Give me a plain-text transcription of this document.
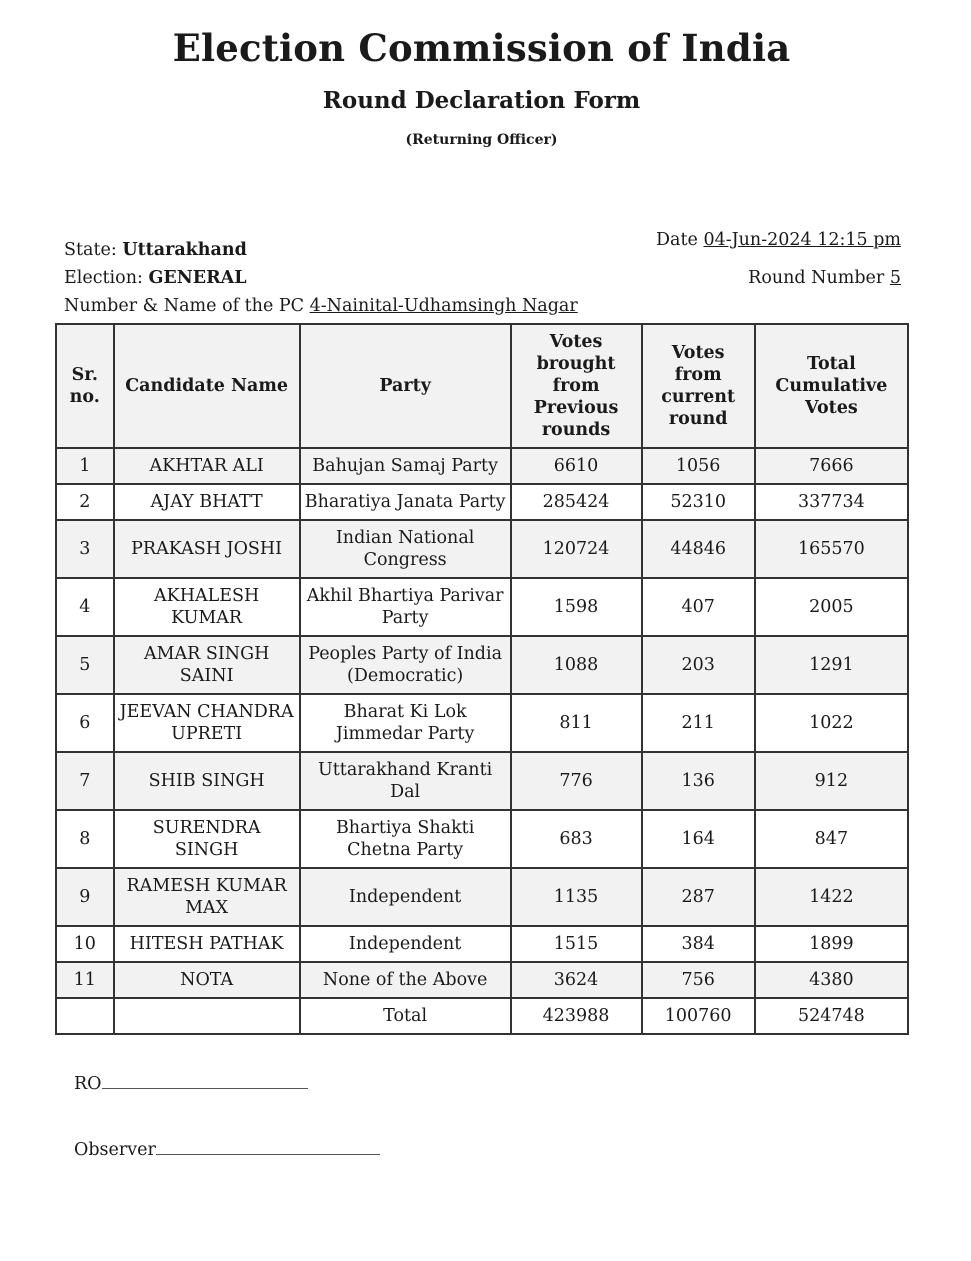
Election Commission of India
Round Declaration Form
(Returning Officer)
State: Uttarakhand
Election: GENERAL
Number & Name of the PC 4-Nainital-Udhamsingh Nagar
Date 04-Jun-2024 12:15 pm
Round Number 5
Sr. no.	Candidate Name	Party	Votes brought from Previous rounds	Votes from current round	Total Cumulative Votes
1	AKHTAR ALI	Bahujan Samaj Party	6610	1056	7666
2	AJAY BHATT	Bharatiya Janata Party	285424	52310	337734
3	PRAKASH JOSHI	Indian National Congress	120724	44846	165570
4	AKHALESH KUMAR	Akhil Bhartiya Parivar Party	1598	407	2005
5	AMAR SINGH SAINI	Peoples Party of India (Democratic)	1088	203	1291
6	JEEVAN CHANDRA UPRETI	Bharat Ki Lok Jimmedar Party	811	211	1022
7	SHIB SINGH	Uttarakhand Kranti Dal	776	136	912
8	SURENDRA SINGH	Bhartiya Shakti Chetna Party	683	164	847
9	RAMESH KUMAR MAX	Independent	1135	287	1422
10	HITESH PATHAK	Independent	1515	384	1899
11	NOTA	None of the Above	3624	756	4380
		Total	423988	100760	524748
RO
Observer
